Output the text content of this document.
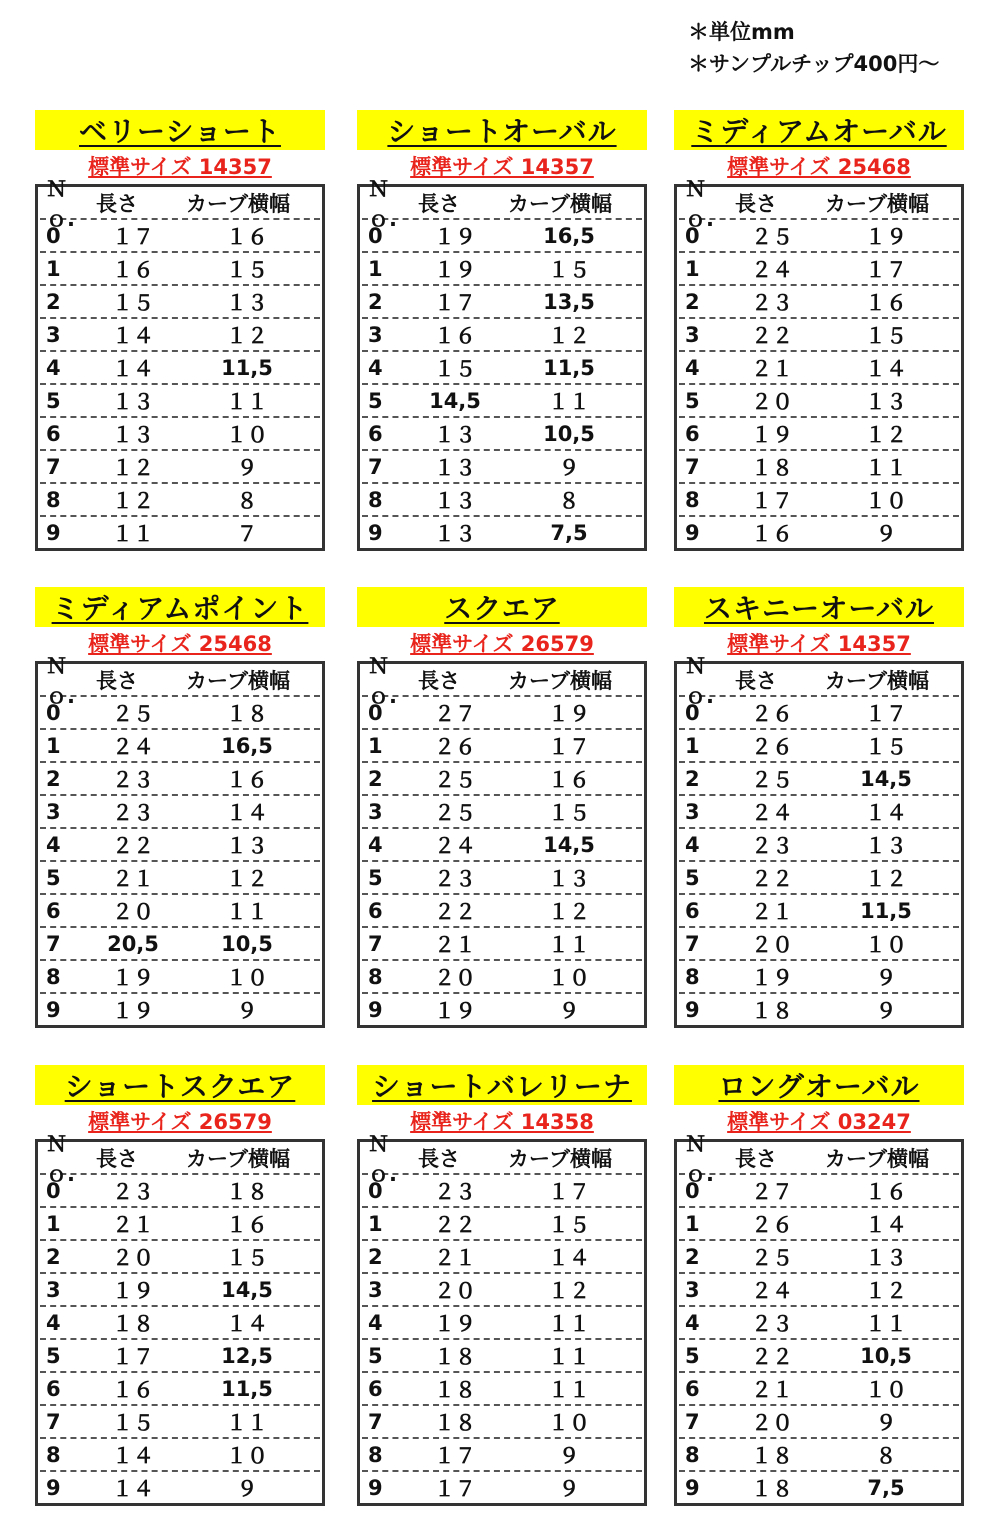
＊単位mm
＊サンプルチップ400円～
ベリーショート
標準サイズ 14357
Ｎｏ.
長さ	カーブ横幅
0	１７	１６
1	１６	１５
2	１５	１３
3	１４	１２
4	１４	11,5
5	１３	１１
6	１３	１０
7	１２	９
8	１２	８
9	１１	７
ショートオーバル
標準サイズ 14357
Ｎｏ.
長さ	カーブ横幅
0	１９	16,5
1	１９	１５
2	１７	13,5
3	１６	１２
4	１５	11,5
5	14,5	１１
6	１３	10,5
7	１３	９
8	１３	８
9	１３	7,5
ミディアムオーバル
標準サイズ 25468
Ｎｏ.
長さ	カーブ横幅
0	２５	１９
1	２４	１７
2	２３	１６
3	２２	１５
4	２１	１４
5	２０	１３
6	１９	１２
7	１８	１１
8	１７	１０
9	１６	９
ミディアムポイント
標準サイズ 25468
Ｎｏ.
長さ	カーブ横幅
0	２５	１８
1	２４	16,5
2	２３	１６
3	２３	１４
4	２２	１３
5	２１	１２
6	２０	１１
7	20,5	10,5
8	１９	１０
9	１９	９
スクエア
標準サイズ 26579
Ｎｏ.
長さ	カーブ横幅
0	２７	１９
1	２６	１７
2	２５	１６
3	２５	１５
4	２４	14,5
5	２３	１３
6	２２	１２
7	２１	１１
8	２０	１０
9	１９	９
スキニーオーバル
標準サイズ 14357
Ｎｏ.
長さ	カーブ横幅
0	２６	１７
1	２６	１５
2	２５	14,5
3	２４	１４
4	２３	１３
5	２２	１２
6	２１	11,5
7	２０	１０
8	１９	９
9	１８	９
ショートスクエア
標準サイズ 26579
Ｎｏ.
長さ	カーブ横幅
0	２３	１８
1	２１	１６
2	２０	１５
3	１９	14,5
4	１８	１４
5	１７	12,5
6	１６	11,5
7	１５	１１
8	１４	１０
9	１４	９
ショートバレリーナ
標準サイズ 14358
Ｎｏ.
長さ	カーブ横幅
0	２３	１７
1	２２	１５
2	２１	１４
3	２０	１２
4	１９	１１
5	１８	１１
6	１８	１１
7	１８	１０
8	１７	９
9	１７	９
ロングオーバル
標準サイズ 03247
Ｎｏ.
長さ	カーブ横幅
0	２７	１６
1	２６	１４
2	２５	１３
3	２４	１２
4	２３	１１
5	２２	10,5
6	２１	１０
7	２０	９
8	１８	８
9	１８	7,5
